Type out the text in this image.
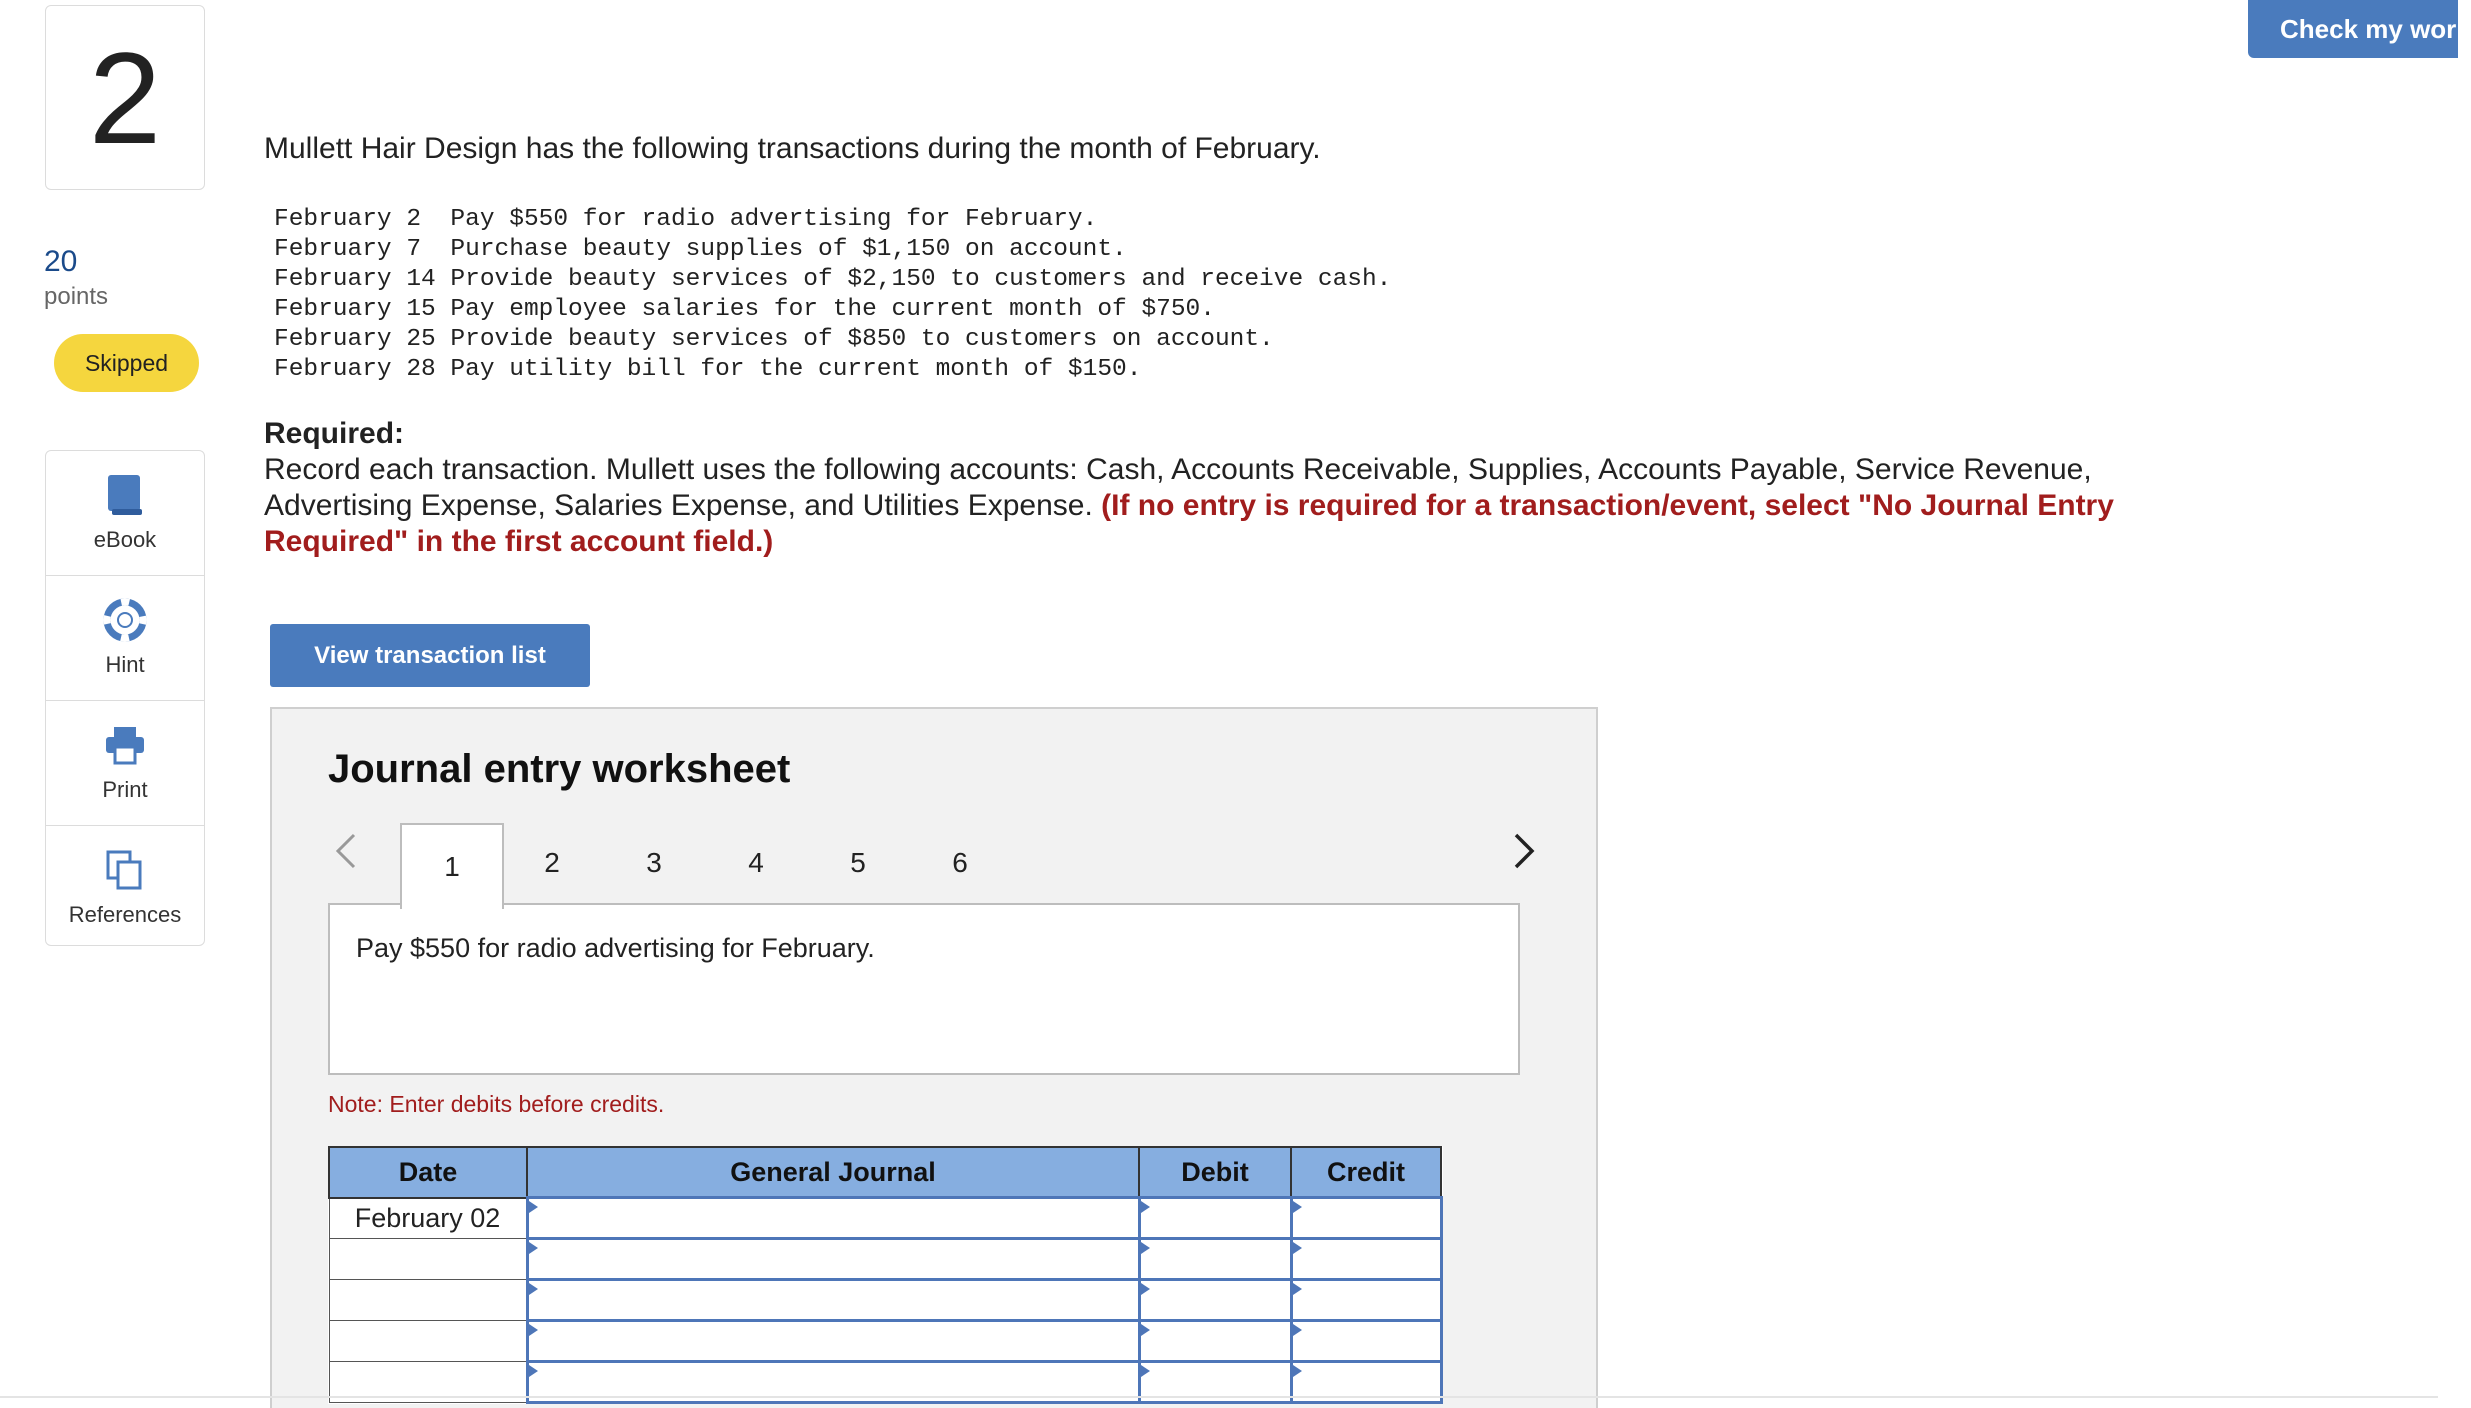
2
20
points
Skipped
eBook
Hint
Print
References
Check my work
Mullett Hair Design has the following transactions during the month of February.
February 2  Pay $550 for radio advertising for February.
February 7  Purchase beauty supplies of $1,150 on account.
February 14 Provide beauty services of $2,150 to customers and receive cash.
February 15 Pay employee salaries for the current month of $750.
February 25 Provide beauty services of $850 to customers on account.
February 28 Pay utility bill for the current month of $150.
Required:
Record each transaction. Mullett uses the following accounts: Cash, Accounts Receivable, Supplies, Accounts Payable, Service Revenue, Advertising Expense, Salaries Expense, and Utilities Expense. (If no entry is required for a transaction/event, select "No Journal Entry Required" in the first account field.)
View transaction list
Journal entry worksheet
1	2	3	4	5	6
Pay $550 for radio advertising for February.
Note: Enter debits before credits.
Date	General Journal	Debit	Credit
February 02			
